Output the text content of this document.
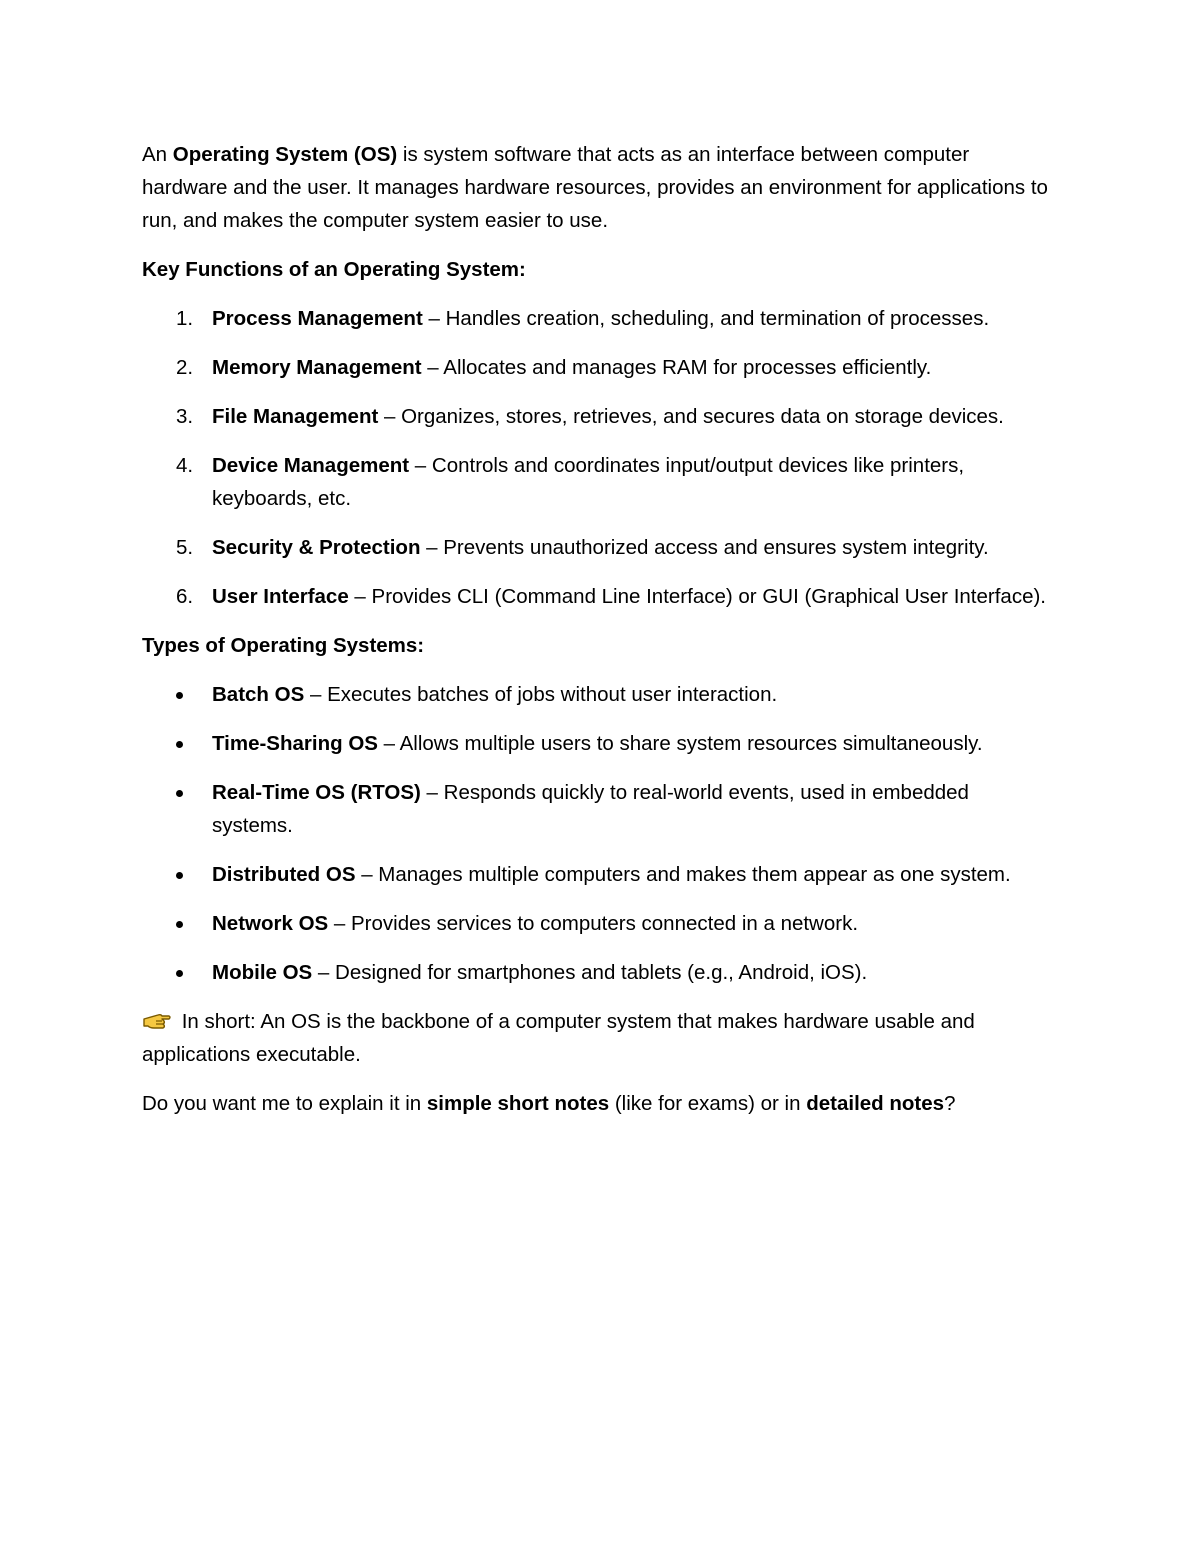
An Operating System (OS) is system software that acts as an interface between computer hardware and the user. It manages hardware resources, provides an environment for applications to run, and makes the computer system easier to use.

Key Functions of an Operating System:

1. Process Management – Handles creation, scheduling, and termination of processes.
2. Memory Management – Allocates and manages RAM for processes efficiently.
3. File Management – Organizes, stores, retrieves, and secures data on storage devices.
4. Device Management – Controls and coordinates input/output devices like printers, keyboards, etc.
5. Security & Protection – Prevents unauthorized access and ensures system integrity.
6. User Interface – Provides CLI (Command Line Interface) or GUI (Graphical User Interface).

Types of Operating Systems:

Batch OS – Executes batches of jobs without user interaction.
Time-Sharing OS – Allows multiple users to share system resources simultaneously.
Real-Time OS (RTOS) – Responds quickly to real-world events, used in embedded systems.
Distributed OS – Manages multiple computers and makes them appear as one system.
Network OS – Provides services to computers connected in a network.
Mobile OS – Designed for smartphones and tablets (e.g., Android, iOS).

In short: An OS is the backbone of a computer system that makes hardware usable and applications executable.

Do you want me to explain it in simple short notes (like for exams) or in detailed notes?
